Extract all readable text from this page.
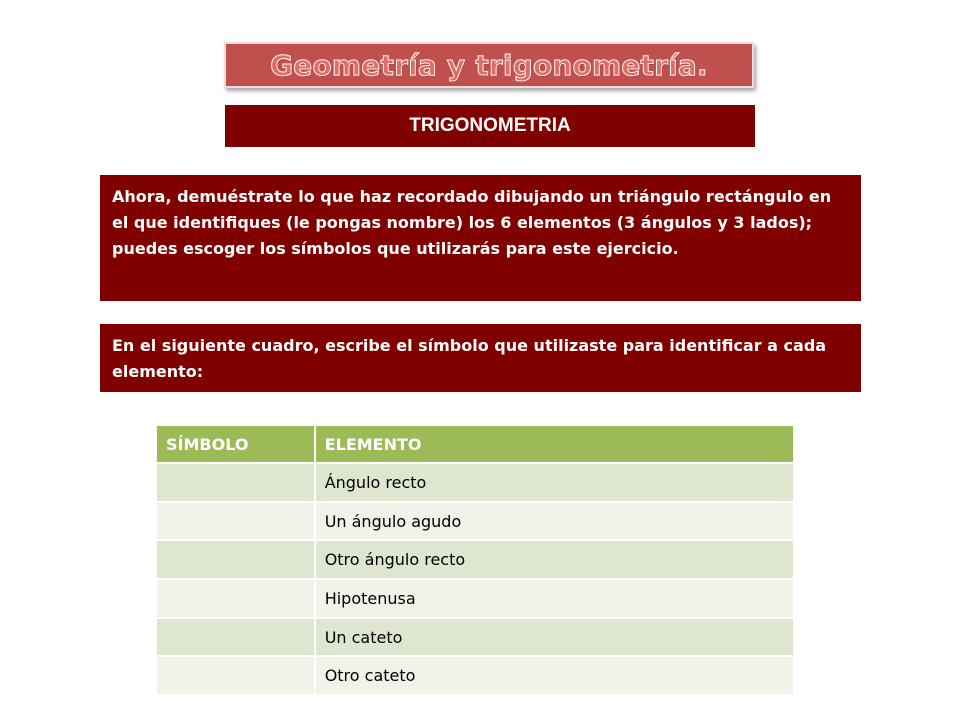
Geometría y trigonometría.
TRIGONOMETRIA
Ahora, demuéstrate lo que haz recordado dibujando un triángulo rectángulo en el que identifiques (le pongas nombre) los 6 elementos (3 ángulos y 3 lados); puedes escoger los símbolos que utilizarás para este ejercicio.
En el siguiente cuadro, escribe el símbolo que utilizaste para identificar a cada elemento:
SÍMBOLO	ELEMENTO
	Ángulo recto
	Un ángulo agudo
	Otro ángulo recto
	Hipotenusa
	Un cateto
	Otro cateto
